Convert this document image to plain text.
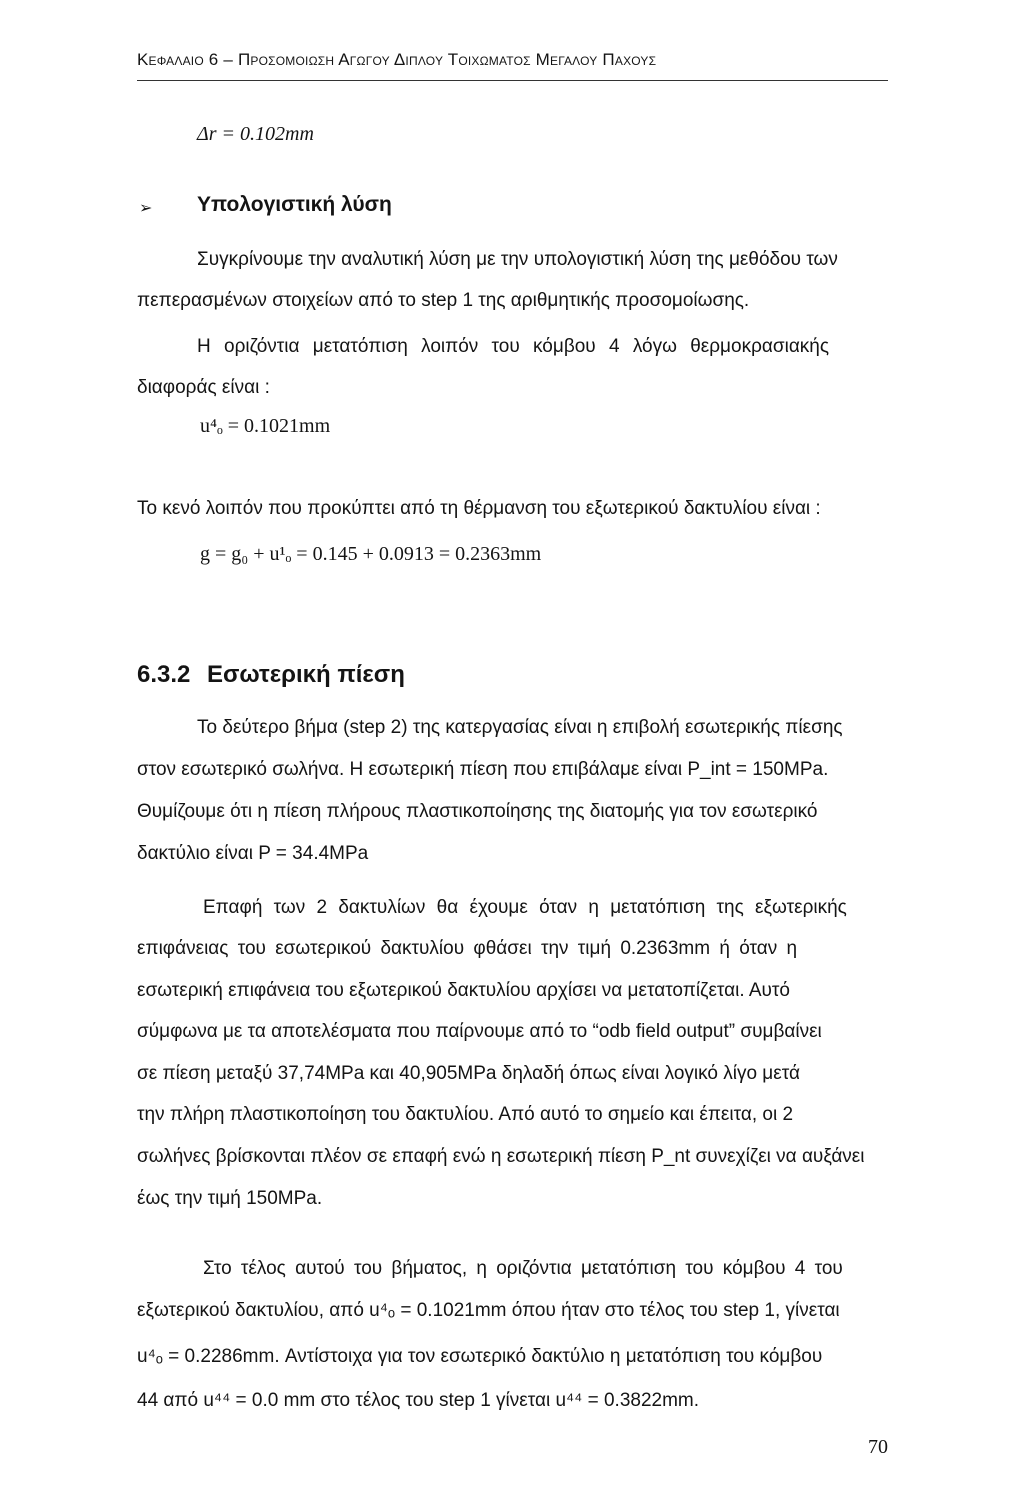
Κεφαλαιο 6 – Προσομοιωση Αγωγου Διπλου Τοιχωματος Μεγαλου Παχους
Δr = 0.102mm
➢ Υπολογιστική λύση
Συγκρίνουμε την αναλυτική λύση με την υπολογιστική λύση της μεθόδου των
πεπερασμένων στοιχείων από το step 1 της αριθμητικής προσομοίωσης.
Η οριζόντια μετατόπιση λοιπόν του κόμβου 4 λόγω θερμοκρασιακής
διαφοράς είναι :
u⁴ₒ = 0.1021mm
Το κενό λοιπόν που προκύπτει από τη θέρμανση του εξωτερικού δακτυλίου είναι :
g = g₀ + u¹ₒ = 0.145 + 0.0913 = 0.2363mm
6.3.2 Εσωτερική πίεση
Το δεύτερο βήμα (step 2) της κατεργασίας είναι η επιβολή εσωτερικής πίεσης
στον εσωτερικό σωλήνα. Η εσωτερική πίεση που επιβάλαμε είναι P_int = 150MPa.
Θυμίζουμε ότι η πίεση πλήρους πλαστικοποίησης της διατομής για τον εσωτερικό
δακτύλιο είναι P = 34.4MPa
Επαφή των 2 δακτυλίων θα έχουμε όταν η μετατόπιση της εξωτερικής
επιφάνειας του εσωτερικού δακτυλίου φθάσει την τιμή 0.2363mm ή όταν η
εσωτερική επιφάνεια του εξωτερικού δακτυλίου αρχίσει να μετατοπίζεται. Αυτό
σύμφωνα με τα αποτελέσματα που παίρνουμε από το “odb field output” συμβαίνει
σε πίεση μεταξύ 37,74MPa και 40,905MPa δηλαδή όπως είναι λογικό λίγο μετά
την πλήρη πλαστικοποίηση του δακτυλίου. Από αυτό το σημείο και έπειτα, οι 2
σωλήνες βρίσκονται πλέον σε επαφή ενώ η εσωτερική πίεση P_nt συνεχίζει να αυξάνει
έως την τιμή 150MPa.
Στο τέλος αυτού του βήματος, η οριζόντια μετατόπιση του κόμβου 4 του
εξωτερικού δακτυλίου, από u⁴ₒ = 0.1021mm όπου ήταν στο τέλος του step 1, γίνεται
u⁴ₒ = 0.2286mm. Αντίστοιχα για τον εσωτερικό δακτύλιο η μετατόπιση του κόμβου
44 από u⁴⁴ = 0.0 mm στο τέλος του step 1 γίνεται u⁴⁴ = 0.3822mm.
70
